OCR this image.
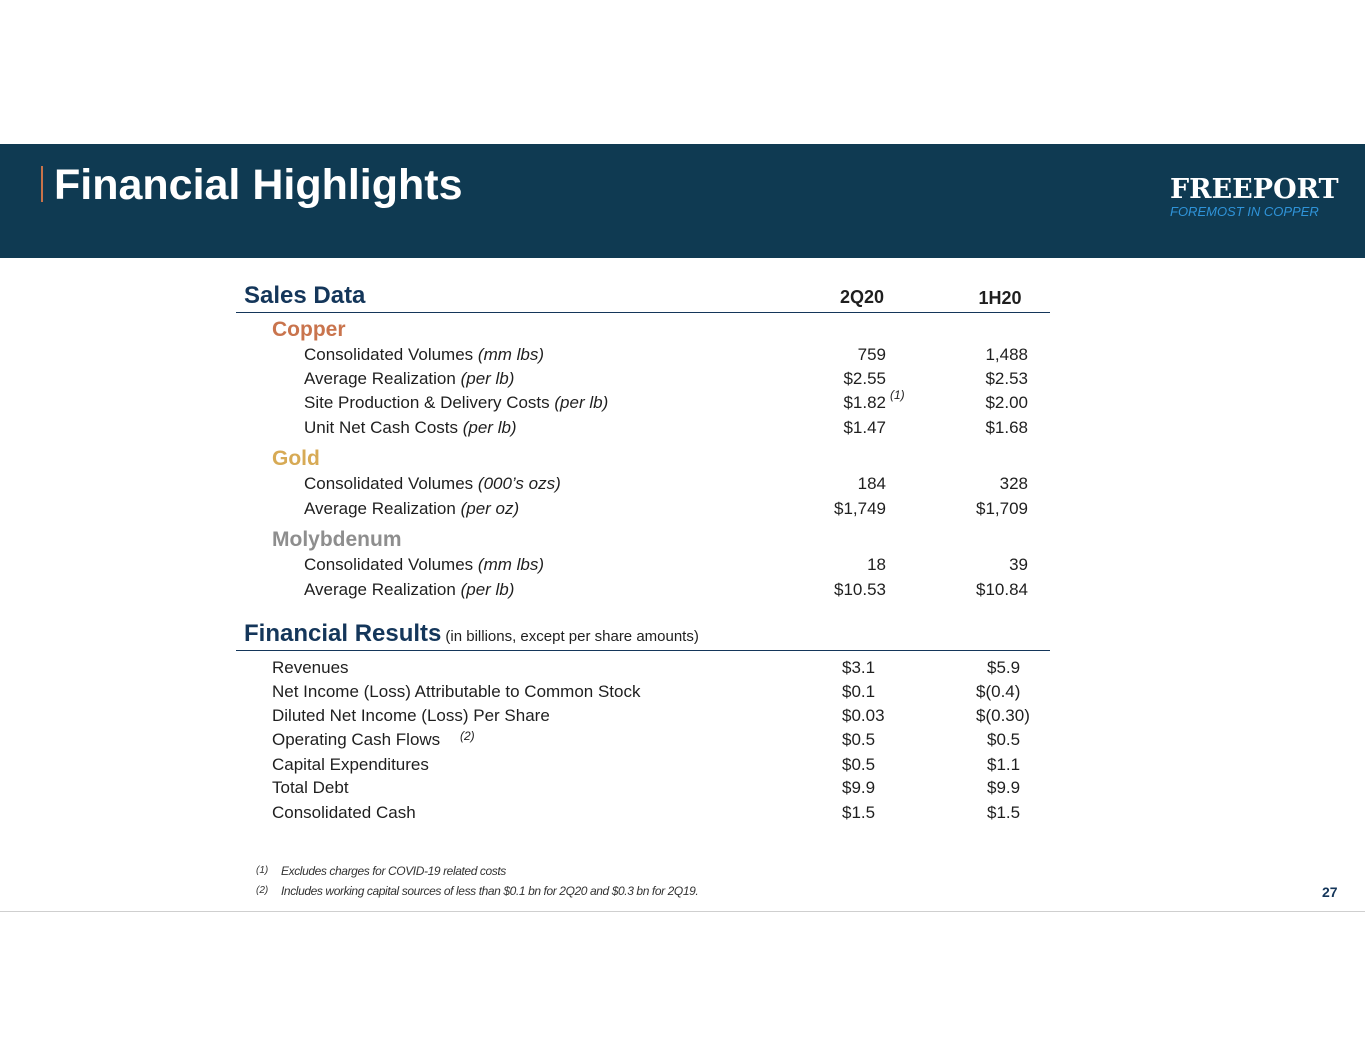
Financial Highlights	FREEPORT
FOREMOST IN COPPER
Sales Data	2Q20	1H20
Copper
Consolidated Volumes (mm lbs)	759	1,488
Average Realization (per lb)	$2.55	$2.53
Site Production & Delivery Costs (per lb)	$1.82 (1)	$2.00
Unit Net Cash Costs (per lb)	$1.47	$1.68
Gold
Consolidated Volumes (000’s ozs)	184	328
Average Realization (per oz)	$1,749	$1,709
Molybdenum
Consolidated Volumes (mm lbs)	18	39
Average Realization (per lb)	$10.53	$10.84
Financial Results (in billions, except per share amounts)
Revenues	$3.1	$5.9
Net Income (Loss) Attributable to Common Stock	$0.1	$(0.4)
Diluted Net Income (Loss) Per Share	$0.03	$(0.30)
Operating Cash Flows (2)	$0.5	$0.5
Capital Expenditures	$0.5	$1.1
Total Debt	$9.9	$9.9
Consolidated Cash	$1.5	$1.5
(1) Excludes charges for COVID-19 related costs
(2) Includes working capital sources of less than $0.1 bn for 2Q20 and $0.3 bn for 2Q19.	27
